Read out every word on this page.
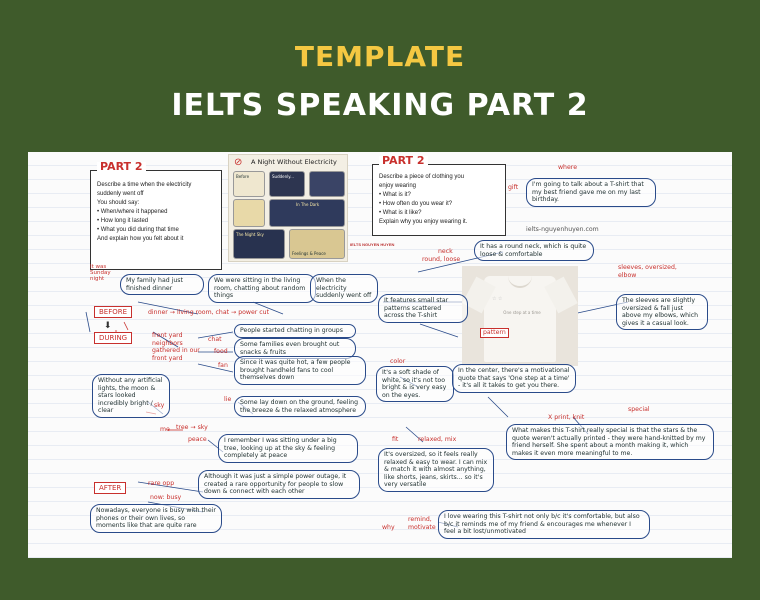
TEMPLATE
IELTS SPEAKING PART 2
PART 2
Describe a time when the electricity
suddenly went off
You should say:
• When/where it happened
• How long it lasted
• What you did during that time
And explain how you felt about it
⊘ A Night Without Electricity
Before	Suddenly...
In The Dark
The Night Sky
Feelings & Peace
It was Sunday night	My family had just finished dinner
We were sitting in the living room, chatting about random things
When the electricity suddenly went off
BEFORE	dinner → living room, chat → power cut
⬇
DURING	front yard neighbors gathered in our front yard
chat
food
fan
People started chatting in groups
Some families even brought out snacks & fruits
Since it was quite hot, a few people brought handheld fans to cool themselves down
Without any artificial lights, the moon & stars looked incredibly bright / clear
sky
lie	Some lay down on the ground, feeling the breeze & the relaxed atmosphere
me tree → sky
peace	I remember I was sitting under a big tree, looking up at the sky & feeling completely at peace
AFTER
rare opp
now: busy
Although it was just a simple power outage, it created a rare opportunity for people to slow down & connect with each other
Nowadays, everyone is busy with their phones or their own lives, so moments like that are quite rare
PART 2
Describe a piece of clothing you
enjoy wearing
• What is it?
• How often do you wear it?
• What is it like?
Explain why you enjoy wearing it.
IELTS NGUYEN HUYEN
ielts-nguyenhuyen.com
where
gift	I'm going to talk about a T-shirt that my best friend gave me on my last birthday.
neck
round, loose
It has a round neck, which is quite loose & comfortable
One step at a time
☆ ☆
pattern
sleeves, oversized, elbow
The sleeves are slightly oversized & fall just above my elbows, which gives it a casual look.
It features small star patterns scattered across the T-shirt
color
It's a soft shade of white, so it's not too bright & is very easy on the eyes.
In the center, there's a motivational quote that says 'One step at a time' - it's all it takes to get you there.
X print, knit
special
What makes this T-shirt really special is that the stars & the quote weren't actually printed - they were hand-knitted by my friend herself. She spent about a month making it, which makes it even more meaningful to me.
fit	relaxed, mix
It's oversized, so it feels really relaxed & easy to wear. I can mix & match it with almost anything, like shorts, jeans, skirts... so it's very versatile
why
remind, motivate
I love wearing this T-shirt not only b/c it's comfortable, but also b/c it reminds me of my friend & encourages me whenever I feel a bit lost/unmotivated
